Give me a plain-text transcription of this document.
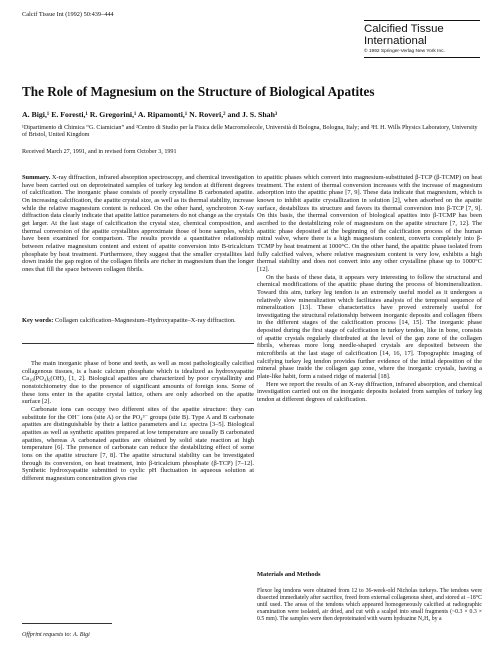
Calcif Tissue Int (1992) 50:439–444
Calcified Tissue
International
© 1992 Springer-Verlag New York Inc.
The Role of Magnesium on the Structure of Biological Apatites
A. Bigi,¹ E. Foresti,¹ R. Gregorini,¹ A. Ripamonti,¹ N. Roveri,² and J. S. Shah³
¹Dipartimento di Chimica “G. Ciamician” and ²Centro di Studio per la Fisica delle Macromolecole, Università di Bologna, Bologna, Italy; and ³H. H. Wills Physics Laboratory, University of Bristol, United Kingdom
Received March 27, 1991, and in revised form October 3, 1991

Summary. X-ray diffraction, infrared absorption spectroscopy, and chemical investigation have been carried out on deproteinated samples of turkey leg tendon at different degrees of calcification. The inorganic phase consists of poorly crystalline B carbonated apatite. On increasing calcification, the apatite crystal size, as well as its thermal stability, increase while the relative magnesium content is reduced. On the other hand, synchrotron X-ray diffraction data clearly indicate that apatite lattice parameters do not change as the crystals get larger. At the last stage of calcification the crystal size, chemical composition, and thermal conversion of the apatite crystallites approximate those of bone samples, which have been examined for comparison. The results provide a quantitative relationship between relative magnesium content and extent of apatite conversion into B-tricalcium phosphate by heat treatment. Furthermore, they suggest that the smaller crystallites laid down inside the gap region of the collagen fibrils are richer in magnesium than the longer ones that fill the space between collagen fibrils.

Key words: Collagen calcification–Magnesium–Hydroxyapatite–X-ray diffraction.

The main inorganic phase of bone and teeth, as well as most pathologically calcified collagenous tissues, is a basic calcium phosphate which is idealized as hydroxyapatite Ca₁₀(PO₄)₆(OH)₂ [1, 2]. Biological apatites are characterized by poor crystallinity and nonstoichiometry due to the presence of significant amounts of foreign ions. Some of these ions enter in the apatite crystal lattice, others are only adsorbed on the apatite surface [2].

Carbonate ions can occupy two different sites of the apatite structure: they can substitute for the OH⁻ ions (site A) or the PO₄³⁻ groups (site B). Type A and B carbonate apatites are distinguishable by their a lattice parameters and i.r. spectra [3–5]. Biological apatites as well as synthetic apatites prepared at low temperature are usually B carbonated apatites, whereas A carbonated apatites are obtained by solid state reaction at high temperature [6]. The presence of carbonate can reduce the destabilizing effect of some ions on the apatite structure [7, 8]. The apatite structural stability can be investigated through its conversion, on heat treatment, into β-tricalcium phosphate (β-TCP) [7–12]. Synthetic hydroxyapatite submitted to cyclic pH fluctuation in aqueous solution at different magnesium concentration gives rise

Offprint requests to: A. Bigi

to apatitic phases which convert into magnesium-substituted β-TCP (β-TCMP) on heat treatment. The extent of thermal conversion increases with the increase of magnesium adsorption into the apatitic phase [7, 9]. These data indicate that magnesium, which is known to inhibit apatite crystallization in solution [2], when adsorbed on the apatite surface, destabilizes its structure and favors its thermal conversion into β-TCP [7, 9]. On this basis, the thermal conversion of biological apatites into β-TCMP has been ascribed to the destabilizing role of magnesium on the apatite structure [7, 12]. The apatitic phase deposited at the beginning of the calcification process of the human mitral valve, where there is a high magnesium content, converts completely into β-TCMP by heat treatment at 1000°C. On the other hand, the apatitic phase isolated from fully calcified valves, where relative magnesium content is very low, exhibits a high thermal stability and does not convert into any other crystalline phase up to 1000°C [12].

On the basis of these data, it appears very interesting to follow the structural and chemical modifications of the apatitic phase during the process of biomineralization. Toward this aim, turkey leg tendon is an extremely useful model as it undergoes a relatively slow mineralization which facilitates analysis of the temporal sequence of mineralization [13]. These characteristics have proved extremely useful for investigating the structural relationship between inorganic deposits and collagen fibers in the different stages of the calcification process [14, 15]. The inorganic phase deposited during the first stage of calcification in turkey tendon, like in bone, consists of apatite crystals regularly distributed at the level of the gap zone of the collagen fibrils, whereas more long needle-shaped crystals are deposited between the microfibrils at the last stage of calcification [14, 16, 17]. Topographic imaging of calcifying turkey leg tendon provides further evidence of the initial deposition of the mineral phase inside the collagen gap zone, where the inorganic crystals, having a plate-like habit, form a raised ridge of material [18].

Here we report the results of an X-ray diffraction, infrared absorption, and chemical investigation carried out on the inorganic deposits isolated from samples of turkey leg tendon at different degrees of calcification.

Materials and Methods
Flexor leg tendons were obtained from 12 to 36-week-old Nicholas turkeys. The tendons were dissected immediately after sacrifice, freed from external collagenous sheet, and stored at −18°C until used. The areas of the tendons which appeared homogeneously calcified at radiographic examination were isolated, air dried, and cut with a scalpel into small fragments (~0.3 × 0.3 × 0.5 mm). The samples were then deproteinated with warm hydrazine N₂H₄ by a
